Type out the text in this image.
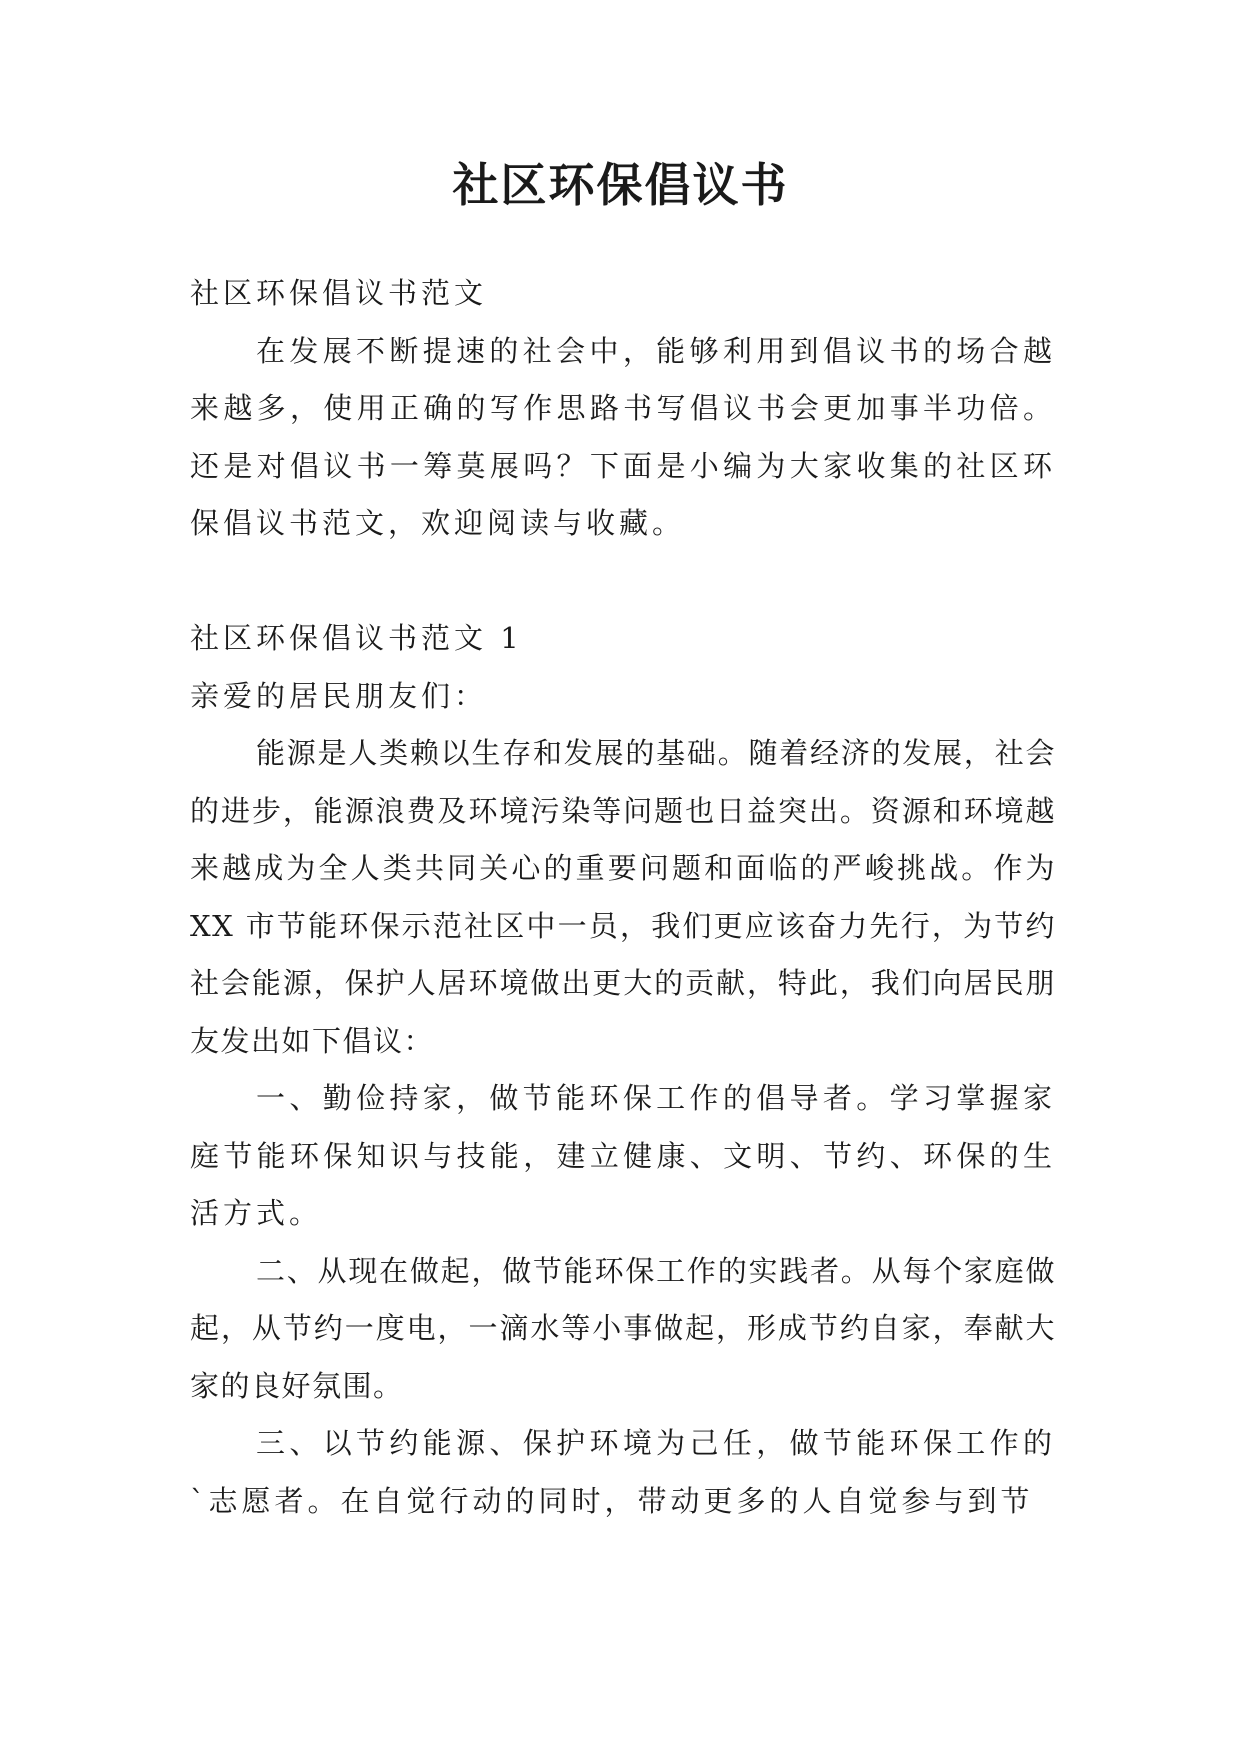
社区环保倡议书

社区环保倡议书范文

在发展不断提速的社会中，能够利用到倡议书的场合越来越多，使用正确的写作思路书写倡议书会更加事半功倍。还是对倡议书一筹莫展吗？下面是小编为大家收集的社区环保倡议书范文，欢迎阅读与收藏。

社区环保倡议书范文 1

亲爱的居民朋友们：

能源是人类赖以生存和发展的基础。随着经济的发展，社会的进步，能源浪费及环境污染等问题也日益突出。资源和环境越来越成为全人类共同关心的重要问题和面临的严峻挑战。作为 XX 市节能环保示范社区中一员，我们更应该奋力先行，为节约社会能源，保护人居环境做出更大的贡献，特此，我们向居民朋友发出如下倡议：

一、勤俭持家，做节能环保工作的倡导者。学习掌握家庭节能环保知识与技能，建立健康、文明、节约、环保的生活方式。

二、从现在做起，做节能环保工作的实践者。从每个家庭做起，从节约一度电，一滴水等小事做起，形成节约自家，奉献大家的良好氛围。

三、以节约能源、保护环境为己任，做节能环保工作的`志愿者。在自觉行动的同时，带动更多的人自觉参与到节
